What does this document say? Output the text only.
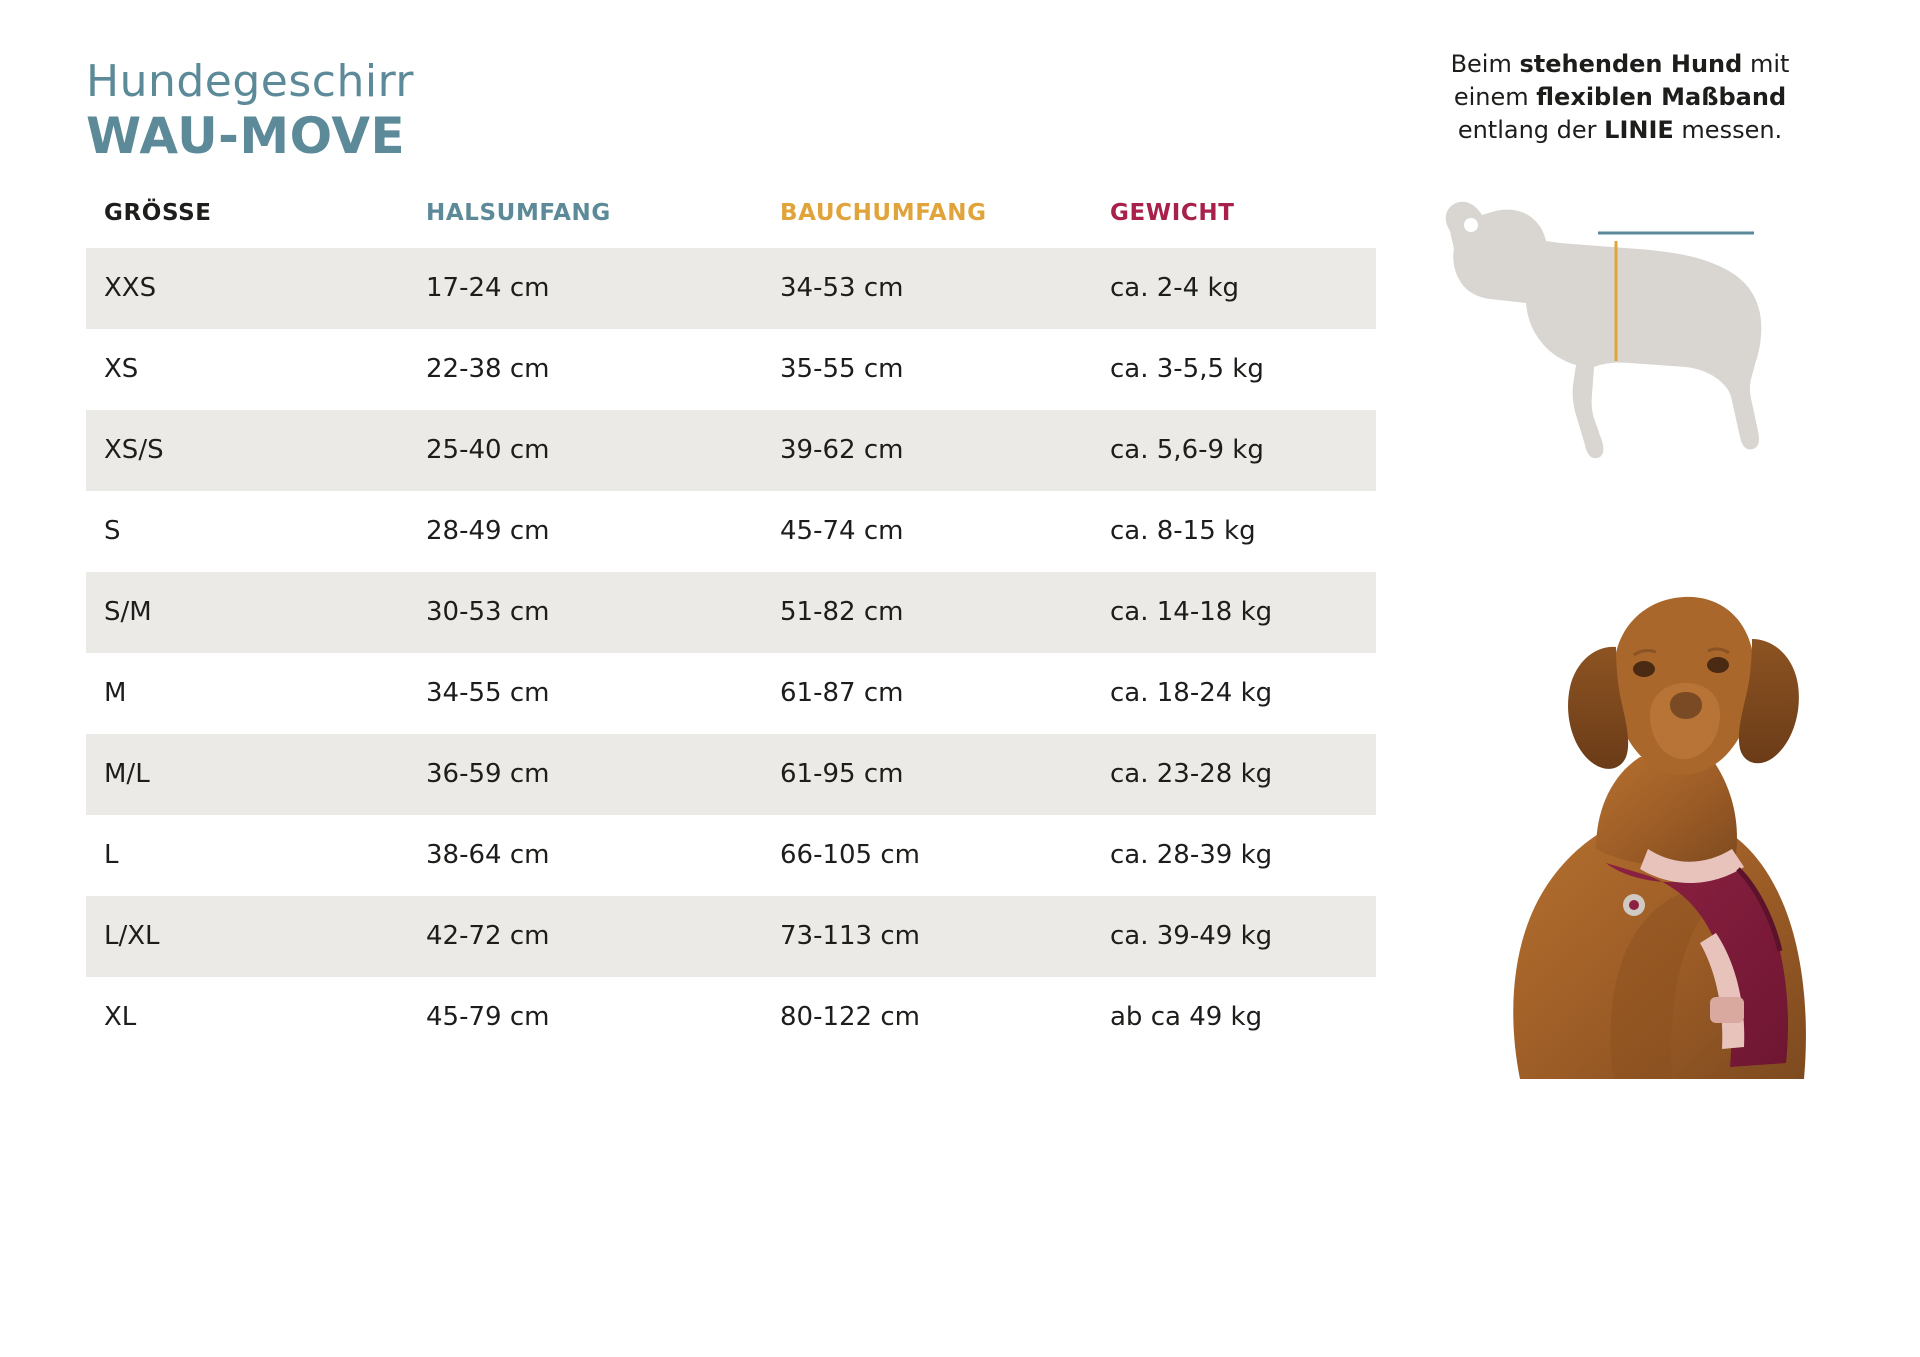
Hundegeschirr
WAU-MOVE
GRÖSSE	HALSUMFANG	BAUCHUMFANG	GEWICHT
XXS	17-24 cm	34-53 cm	ca. 2-4 kg
XS	22-38 cm	35-55 cm	ca. 3-5,5 kg
XS/S	25-40 cm	39-62 cm	ca. 5,6-9 kg
S	28-49 cm	45-74 cm	ca. 8-15 kg
S/M	30-53 cm	51-82 cm	ca. 14-18 kg
M	34-55 cm	61-87 cm	ca. 18-24 kg
M/L	36-59 cm	61-95 cm	ca. 23-28 kg
L	38-64 cm	66-105 cm	ca. 28-39 kg
L/XL	42-72 cm	73-113 cm	ca. 39-49 kg
XL	45-79 cm	80-122 cm	ab ca 49 kg
Beim stehenden Hund mit einem flexiblen Maßband entlang der LINIE messen.
